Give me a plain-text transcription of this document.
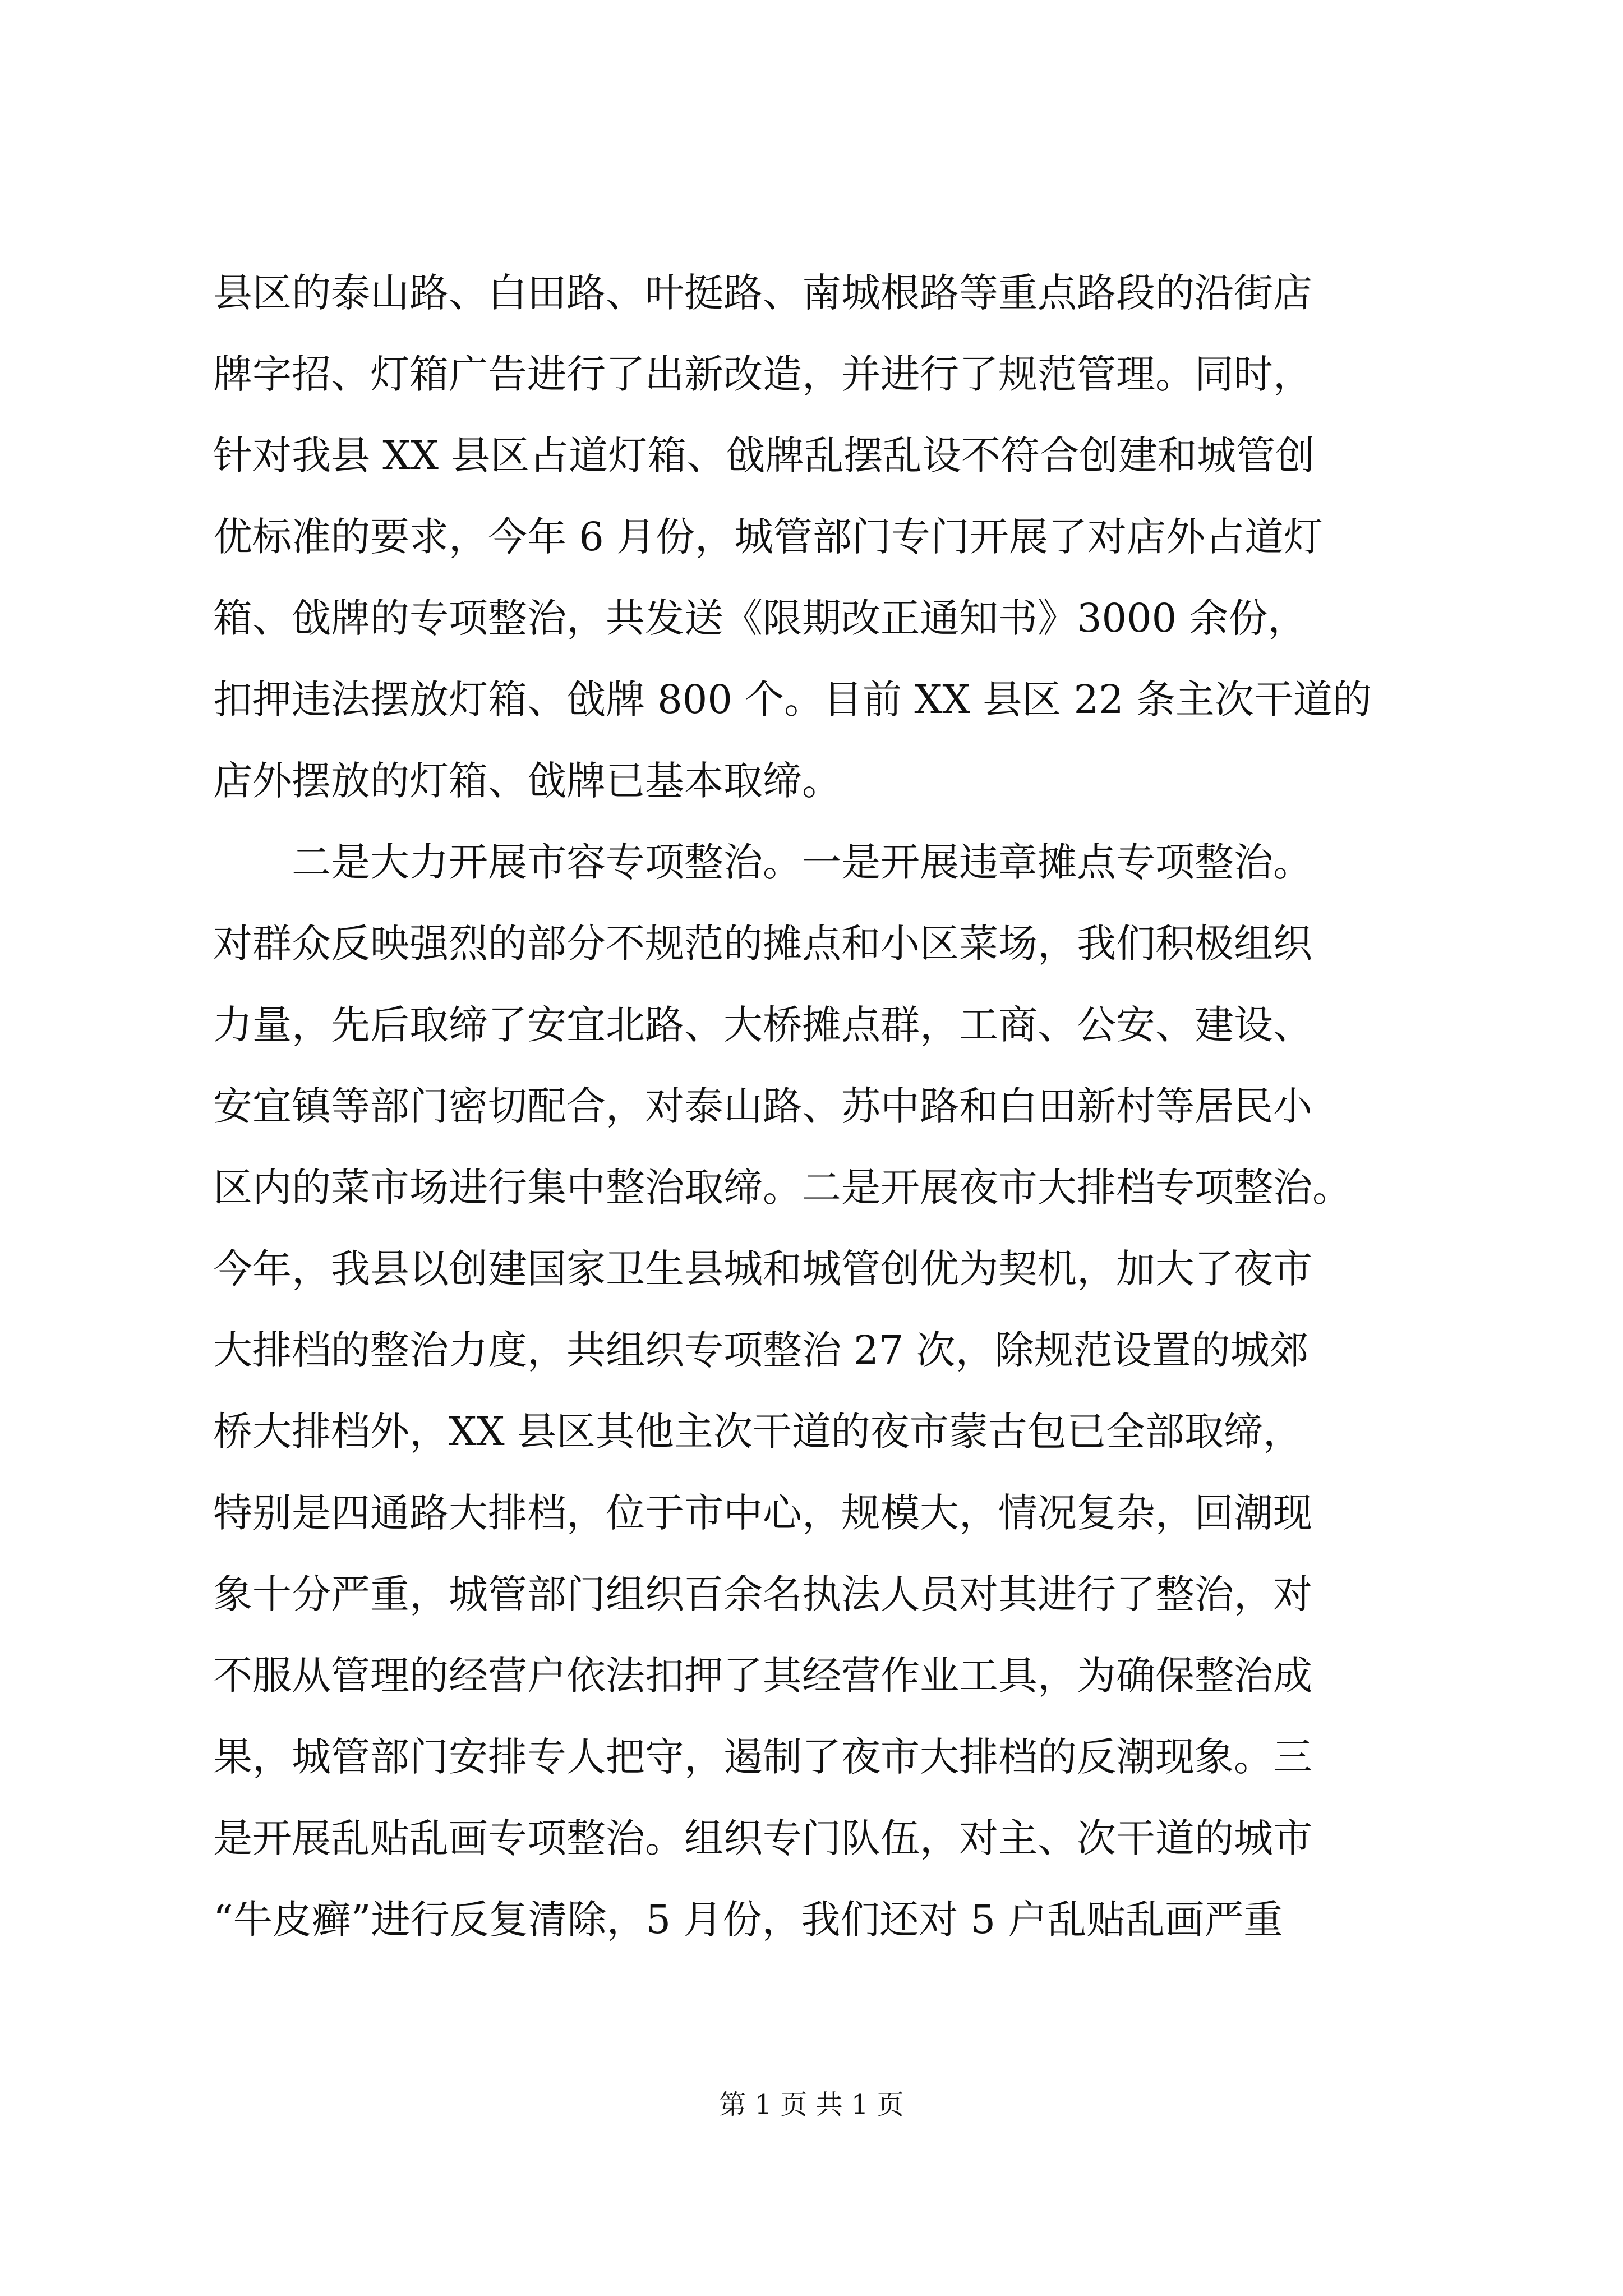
县区的泰山路、白田路、叶挺路、南城根路等重点路段的沿街店
牌字招、灯箱广告进行了出新改造，并进行了规范管理。同时，
针对我县 XX 县区占道灯箱、戗牌乱摆乱设不符合创建和城管创
优标准的要求，今年 6 月份，城管部门专门开展了对店外占道灯
箱、戗牌的专项整治，共发送《限期改正通知书》3000 余份，
扣押违法摆放灯箱、戗牌 800 个。目前 XX 县区 22 条主次干道的
店外摆放的灯箱、戗牌已基本取缔。
二是大力开展市容专项整治。一是开展违章摊点专项整治。
对群众反映强烈的部分不规范的摊点和小区菜场，我们积极组织
力量，先后取缔了安宜北路、大桥摊点群，工商、公安、建设、
安宜镇等部门密切配合，对泰山路、苏中路和白田新村等居民小
区内的菜市场进行集中整治取缔。二是开展夜市大排档专项整治。
今年，我县以创建国家卫生县城和城管创优为契机，加大了夜市
大排档的整治力度，共组织专项整治 27 次，除规范设置的城郊
桥大排档外，XX 县区其他主次干道的夜市蒙古包已全部取缔，
特别是四通路大排档，位于市中心，规模大，情况复杂，回潮现
象十分严重，城管部门组织百余名执法人员对其进行了整治，对
不服从管理的经营户依法扣押了其经营作业工具，为确保整治成
果，城管部门安排专人把守，遏制了夜市大排档的反潮现象。三
是开展乱贴乱画专项整治。组织专门队伍，对主、次干道的城市
“牛皮癣”进行反复清除，5 月份，我们还对 5 户乱贴乱画严重
第 1 页 共 1 页
